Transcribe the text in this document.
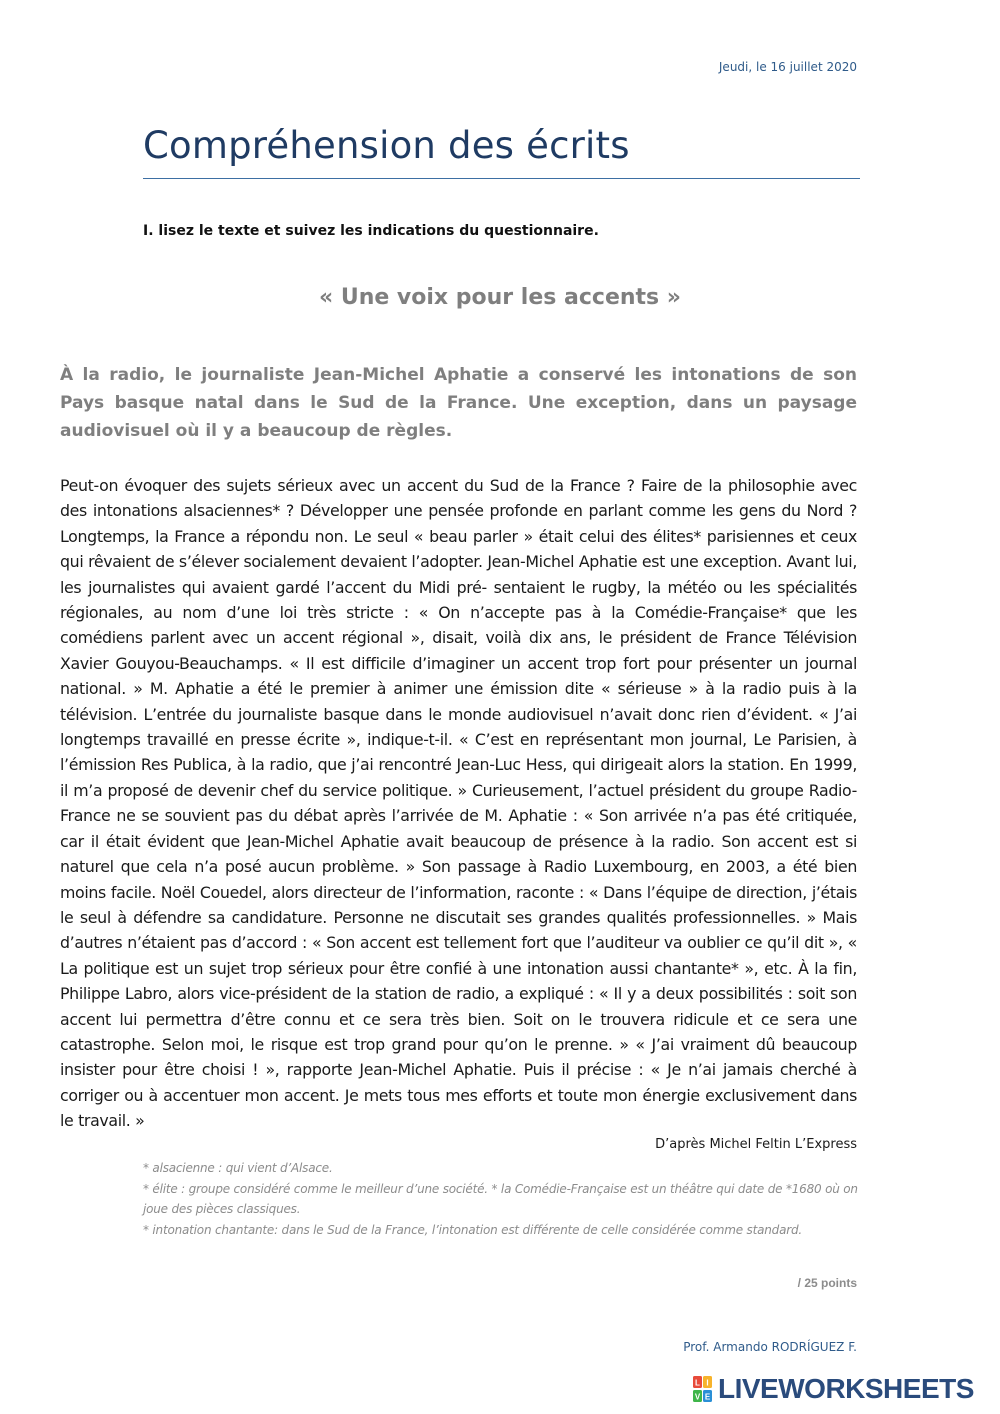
Jeudi, le 16 juillet 2020
Compréhension des écrits
I. lisez le texte et suivez les indications du questionnaire.
« Une voix pour les accents »

À la radio, le journaliste Jean-Michel Aphatie a conservé les intonations de son Pays basque natal dans le Sud de la France. Une exception, dans un paysage audiovisuel où il y a beaucoup de règles.

Peut-on évoquer des sujets sérieux avec un accent du Sud de la France ? Faire de la philosophie avec des intonations alsaciennes* ? Développer une pensée profonde en parlant comme les gens du Nord ? Longtemps, la France a répondu non. Le seul « beau parler » était celui des élites* parisiennes et ceux qui rêvaient de s’élever socialement devaient l’adopter. Jean-Michel Aphatie est une exception. Avant lui, les journalistes qui avaient gardé l’accent du Midi pré- sentaient le rugby, la météo ou les spécialités régionales, au nom d’une loi très stricte : « On n’accepte pas à la Comédie-Française* que les comédiens parlent avec un accent régional », disait, voilà dix ans, le président de France Télévision Xavier Gouyou-Beauchamps. « Il est difficile d’imaginer un accent trop fort pour présenter un journal national. » M. Aphatie a été le premier à animer une émission dite « sérieuse » à la radio puis à la télévision. L’entrée du journaliste basque dans le monde audiovisuel n’avait donc rien d’évident. « J’ai longtemps travaillé en presse écrite », indique-t-il. « C’est en représentant mon journal, Le Parisien, à l’émission Res Publica, à la radio, que j’ai rencontré Jean-Luc Hess, qui dirigeait alors la station. En 1999, il m’a proposé de devenir chef du service politique. » Curieusement, l’actuel président du groupe Radio-France ne se souvient pas du débat après l’arrivée de M. Aphatie : « Son arrivée n’a pas été critiquée, car il était évident que Jean-Michel Aphatie avait beaucoup de présence à la radio. Son accent est si naturel que cela n’a posé aucun problème. » Son passage à Radio Luxembourg, en 2003, a été bien moins facile. Noël Couedel, alors directeur de l’information, raconte : « Dans l’équipe de direction, j’étais le seul à défendre sa candidature. Personne ne discutait ses grandes qualités professionnelles. » Mais d’autres n’étaient pas d’accord : « Son accent est tellement fort que l’auditeur va oublier ce qu’il dit », « La politique est un sujet trop sérieux pour être confié à une intonation aussi chantante* », etc. À la fin, Philippe Labro, alors vice-président de la station de radio, a expliqué : « Il y a deux possibilités : soit son accent lui permettra d’être connu et ce sera très bien. Soit on le trouvera ridicule et ce sera une catastrophe. Selon moi, le risque est trop grand pour qu’on le prenne. » « J’ai vraiment dû beaucoup insister pour être choisi ! », rapporte Jean-Michel Aphatie. Puis il précise : « Je n’ai jamais cherché à corriger ou à accentuer mon accent. Je mets tous mes efforts et toute mon énergie exclusivement dans le travail. »

D’après Michel Feltin L’Express

* alsacienne : qui vient d’Alsace.

* élite : groupe considéré comme le meilleur d’une société. * la Comédie-Française est un théâtre qui date de *1680 où on joue des pièces classiques.

* intonation chantante: dans le Sud de la France, l’intonation est différente de celle considérée comme standard.

/ 25 points
Prof. Armando RODRÍGUEZ F.
L I
V E LIVEWORKSHEETS
